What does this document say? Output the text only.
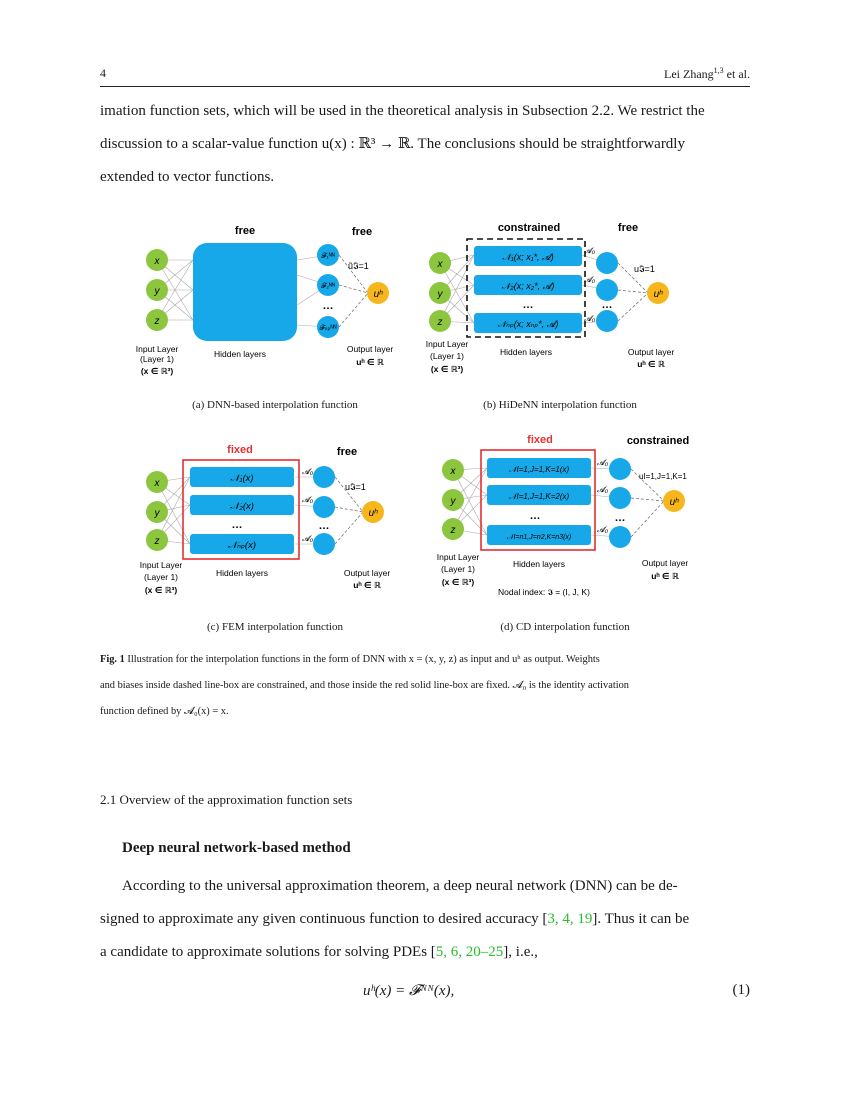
4	Lei Zhang$^{1,3}$ et al.

imation function sets, which will be used in the theoretical analysis in Subsection 2.2. We restrict the

discussion to a scalar-value function u(x) : ℝ³ → ℝ. The conclusions should be straightforwardly

extended to vector functions.

free	free
x
y
z
𝓕₁ᴺᴺ
𝓕₂ᴺᴺ
𝓕ₙₚᴺᴺ
…
ũ𝕴=1
uʰ
Input Layer
(Layer 1)
(x ∈ ℝ³)
Hidden layers	Output layer
uʰ ∈ ℝ
(a) DNN-based interpolation function
constrained	free
x
y
z
𝒩₁(x; x₁*, 𝓐)
𝒩₂(x; x₂*, 𝓐)
𝒩ₙₚ(x; xₙₚ*, 𝓐)
…
𝓐₀
𝓐₀
𝓐₀
…
u𝕴=1
uʰ
Input Layer
(Layer 1)
(x ∈ ℝ³)
Hidden layers	Output layer
uʰ ∈ ℝ
(b) HiDeNN interpolation function
fixed	free
x
y
z
𝒩₁(x)
𝒩₂(x)
𝒩ₙₚ(x)
…
𝓐₀
𝓐₀
𝓐₀
…
u𝕴=1
uʰ
Input Layer
(Layer 1)
(x ∈ ℝ³)
Hidden layers	Output layer
uʰ ∈ ℝ
(c) FEM interpolation function
fixed	constrained
x
y
z
𝒩I=1,J=1,K=1(x)
𝒩I=1,J=1,K=2(x)
𝒩I=n1,J=n2,K=n3(x)
…
𝓐₀
𝓐₀
𝓐₀
…
uI=1,J=1,K=1
uʰ
Input Layer
(Layer 1)
(x ∈ ℝ³)
Hidden layers	Output layer
uʰ ∈ ℝ
Nodal index: 𝕴 = (I, J, K)
(d) CD interpolation function
Fig. 1 Illustration for the interpolation functions in the form of DNN with x = (x, y, z) as input and uʰ as output. Weights
and biases inside dashed line-box are constrained, and those inside the red solid line-box are fixed. 𝓐₀ is the identity activation
function defined by 𝓐₀(x) = x.
2.1 Overview of the approximation function sets
Deep neural network-based method

According to the universal approximation theorem, a deep neural network (DNN) can be de-

signed to approximate any given continuous function to desired accuracy [3, 4, 19]. Thus it can be

a candidate to approximate solutions for solving PDEs [5, 6, 20–25], i.e.,

uʰ(x) = 𝓕ᴺᴺ(x),	(1)
